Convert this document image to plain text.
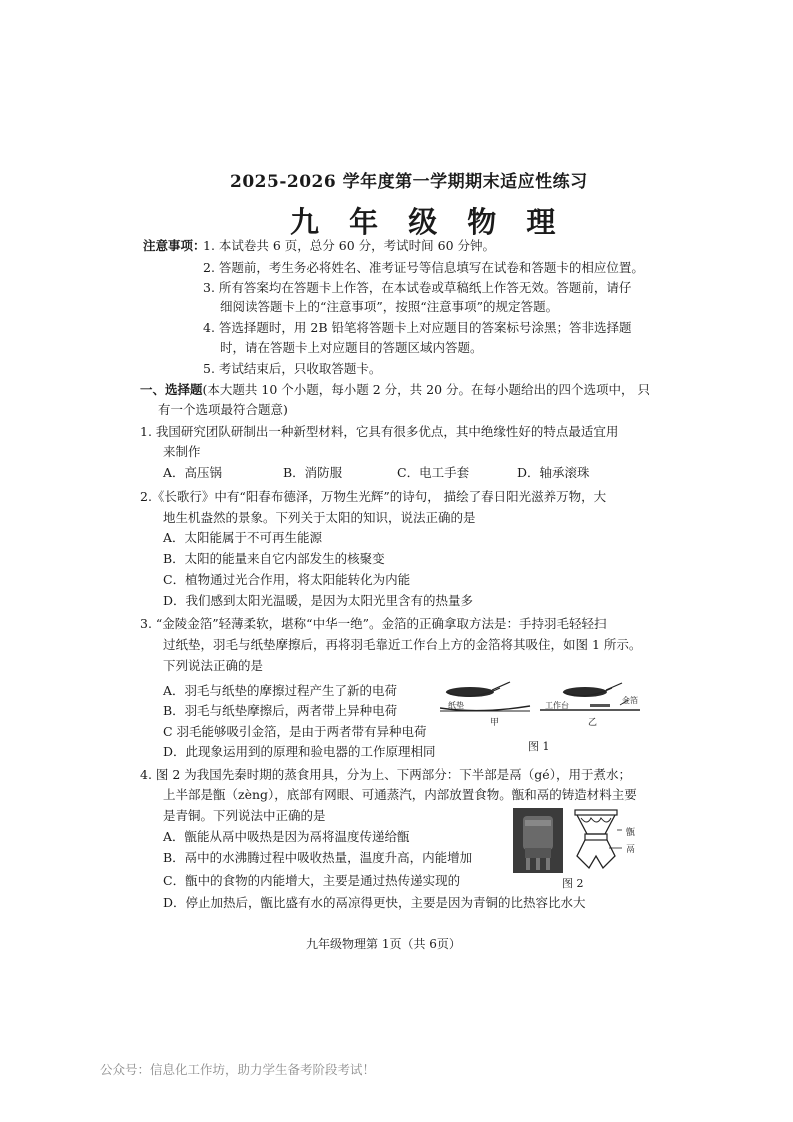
2025-2026 学年度第一学期期末适应性练习
九 年 级 物 理
注意事项：
1. 本试卷共 6 页，总分 60 分，考试时间 60 分钟。
2. 答题前，考生务必将姓名、准考证号等信息填写在试卷和答题卡的相应位置。
3. 所有答案均在答题卡上作答，在本试卷或草稿纸上作答无效。答题前，请仔
细阅读答题卡上的“注意事项”，按照“注意事项”的规定答题。
4. 答选择题时，用 2B 铅笔将答题卡上对应题目的答案标号涂黑；答非选择题
时，请在答题卡上对应题目的答题区域内答题。
5. 考试结束后，只收取答题卡。
一、选择题(本大题共 10 个小题，每小题 2 分，共 20 分。在每小题给出的四个选项中， 只
有一个选项最符合题意)
1. 我国研究团队研制出一种新型材料，它具有很多优点，其中绝缘性好的特点最适宜用
来制作
A．高压锅	B．消防服	C．电工手套	D．轴承滚珠
2.《长歌行》中有“阳春布德泽，万物生光辉”的诗句， 描绘了春日阳光滋养万物，大
地生机盎然的景象。下列关于太阳的知识，说法正确的是
A．太阳能属于不可再生能源
B．太阳的能量来自它内部发生的核聚变
C．植物通过光合作用，将太阳能转化为内能
D．我们感到太阳光温暖，是因为太阳光里含有的热量多
3. “金陵金箔”轻薄柔软，堪称“中华一绝”。金箔的正确拿取方法是：手持羽毛轻轻扫
过纸垫，羽毛与纸垫摩擦后，再将羽毛靠近工作台上方的金箔将其吸住，如图 1 所示。
下列说法正确的是
A．羽毛与纸垫的摩擦过程产生了新的电荷
B．羽毛与纸垫摩擦后，两者带上异种电荷
C 羽毛能够吸引金箔，是由于两者带有异种电荷
D．此现象运用到的原理和验电器的工作原理相同
纸垫	工作台
金箔
甲	乙
图 1
4. 图 2 为我国先秦时期的蒸食用具，分为上、下两部分：下半部是鬲（gé），用于煮水；
上半部是甑（zèng），底部有网眼、可通蒸汽，内部放置食物。甑和鬲的铸造材料主要
是青铜。下列说法中正确的是
A．甑能从鬲中吸热是因为鬲将温度传递给甑
B．鬲中的水沸腾过程中吸收热量，温度升高，内能增加
C．甑中的食物的内能增大，主要是通过热传递实现的
D．停止加热后，甑比盛有水的鬲凉得更快，主要是因为青铜的比热容比水大
甑
鬲
图 2
九年级物理第 1页（共 6页）
公众号：信息化工作坊，助力学生备考阶段考试！
